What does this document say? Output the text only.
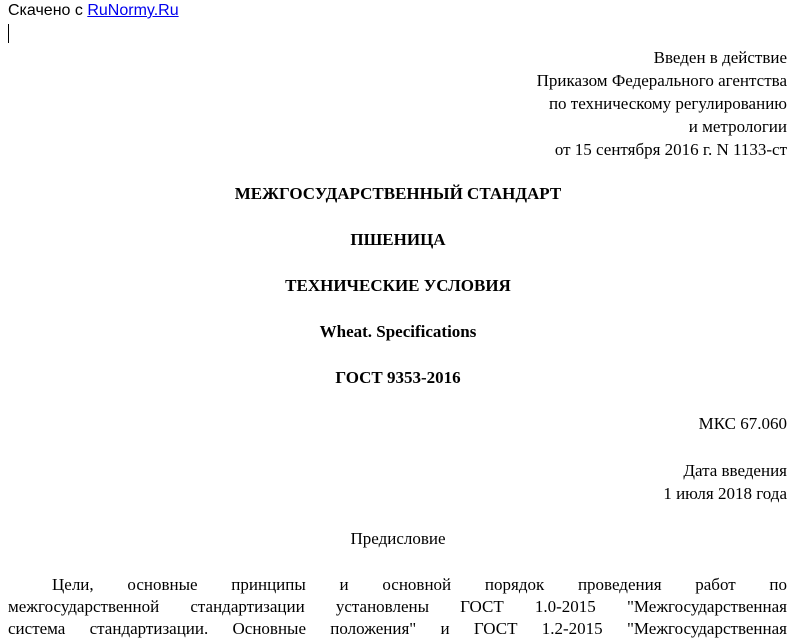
Скачено с RuNormy.Ru
Введен в действие
Приказом Федерального агентства
по техническому регулированию
и метрологии
от 15 сентября 2016 г. N 1133-ст
МЕЖГОСУДАРСТВЕННЫЙ СТАНДАРТ
ПШЕНИЦА
ТЕХНИЧЕСКИЕ УСЛОВИЯ
Wheat. Specifications
ГОСТ 9353-2016
МКС 67.060
Дата введения
1 июля 2018 года
Предисловие
Цели, основные принципы и основной порядок проведения работ по
межгосударственной стандартизации установлены ГОСТ 1.0-2015 "Межгосударственная
система стандартизации. Основные положения" и ГОСТ 1.2-2015 "Межгосударственная
